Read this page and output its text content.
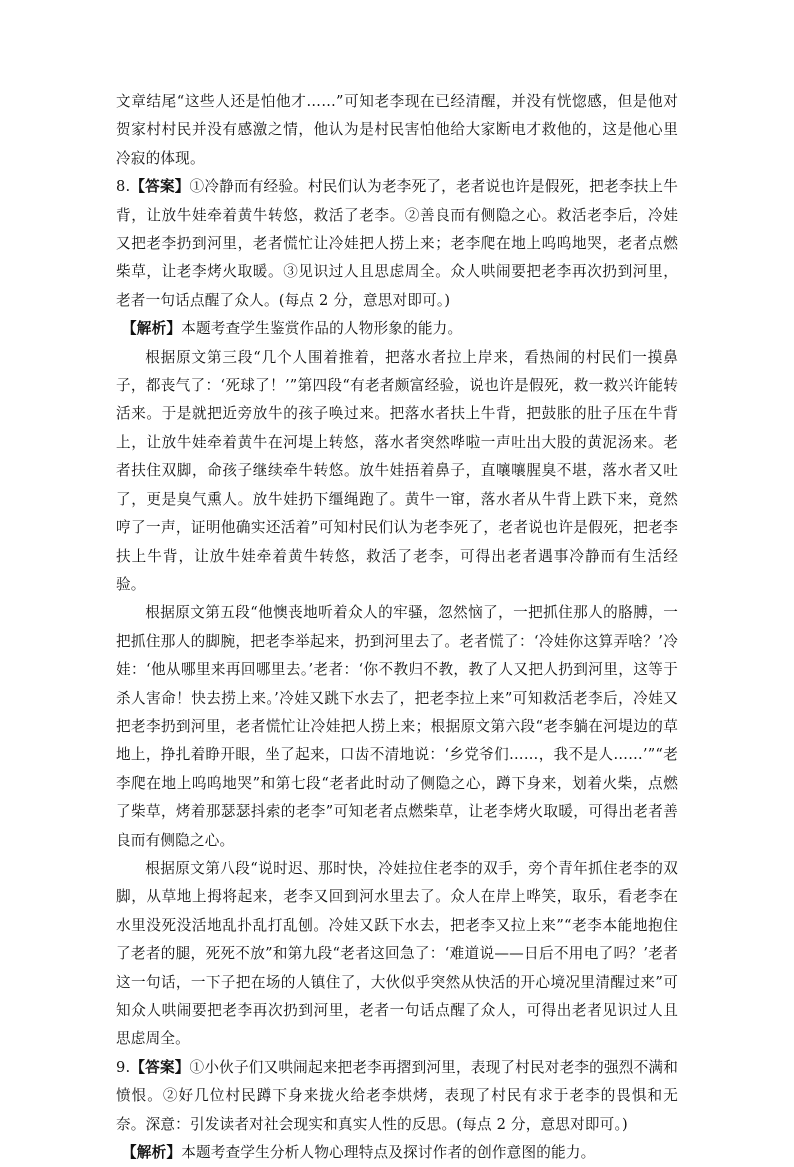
文章结尾“这些人还是怕他才……”可知老李现在已经清醒，并没有恍惚感，但是他对贺家村村民并没有感激之情，他认为是村民害怕他给大家断电才救他的，这是他心里冷寂的体现。

8.【答案】①冷静而有经验。村民们认为老李死了，老者说也许是假死，把老李扶上牛背，让放牛娃牵着黄牛转悠，救活了老李。②善良而有侧隐之心。救活老李后，冷娃又把老李扔到河里，老者慌忙让冷娃把人捞上来；老李爬在地上呜呜地哭，老者点燃柴草，让老李烤火取暖。③见识过人且思虑周全。众人哄闹要把老李再次扔到河里，老者一句话点醒了众人。(每点 2 分，意思对即可。)

【解析】本题考查学生鉴赏作品的人物形象的能力。

根据原文第三段“几个人围着推着，把落水者拉上岸来，看热闹的村民们一摸鼻子，都丧气了：‘死球了！’”第四段“有老者颇富经验，说也许是假死，救一救兴许能转活来。于是就把近旁放牛的孩子唤过来。把落水者扶上牛背，把鼓胀的肚子压在牛背上，让放牛娃牵着黄牛在河堤上转悠，落水者突然哗啦一声吐出大股的黄泥汤来。老者扶住双脚，命孩子继续牵牛转悠。放牛娃捂着鼻子，直嚷嚷腥臭不堪，落水者又吐了，更是臭气熏人。放牛娃扔下缰绳跑了。黄牛一窜，落水者从牛背上跌下来，竟然哼了一声，证明他确实还活着”可知村民们认为老李死了，老者说也许是假死，把老李扶上牛背，让放牛娃牵着黄牛转悠，救活了老李，可得出老者遇事冷静而有生活经验。

根据原文第五段“他懊丧地听着众人的牢骚，忽然恼了，一把抓住那人的胳膊，一把抓住那人的脚腕，把老李举起来，扔到河里去了。老者慌了：‘冷娃你这算弄啥？’冷娃：‘他从哪里来再回哪里去。’老者：‘你不教归不教，教了人又把人扔到河里，这等于杀人害命！快去捞上来。’冷娃又跳下水去了，把老李拉上来”可知救活老李后，冷娃又把老李扔到河里，老者慌忙让冷娃把人捞上来；根据原文第六段“老李躺在河堤边的草地上，挣扎着睁开眼，坐了起来，口齿不清地说：‘乡党爷们……，我不是人……’”“老李爬在地上呜呜地哭”和第七段“老者此时动了侧隐之心，蹲下身来，划着火柴，点燃了柴草，烤着那瑟瑟抖索的老李”可知老者点燃柴草，让老李烤火取暖，可得出老者善良而有侧隐之心。

根据原文第八段“说时迟、那时快，冷娃拉住老李的双手，旁个青年抓住老李的双脚，从草地上拇将起来，老李又回到河水里去了。众人在岸上哗笑，取乐，看老李在水里没死没活地乱扑乱打乱刨。冷娃又跃下水去，把老李又拉上来”“老李本能地抱住了老者的腿，死死不放”和第九段“老者这回急了：‘难道说——日后不用电了吗？’老者这一句话，一下子把在场的人镇住了，大伙似乎突然从快活的开心境况里清醒过来”可知众人哄闹要把老李再次扔到河里，老者一句话点醒了众人，可得出老者见识过人且思虑周全。

9.【答案】①小伙子们又哄闹起来把老李再摺到河里，表现了村民对老李的强烈不满和愤恨。②好几位村民蹲下身来拢火给老李烘烤，表现了村民有求于老李的畏惧和无奈。深意：引发读者对社会现实和真实人性的反思。(每点 2 分，意思对即可。)

【解析】本题考查学生分析人物心理特点及探讨作者的创作意图的能力。
